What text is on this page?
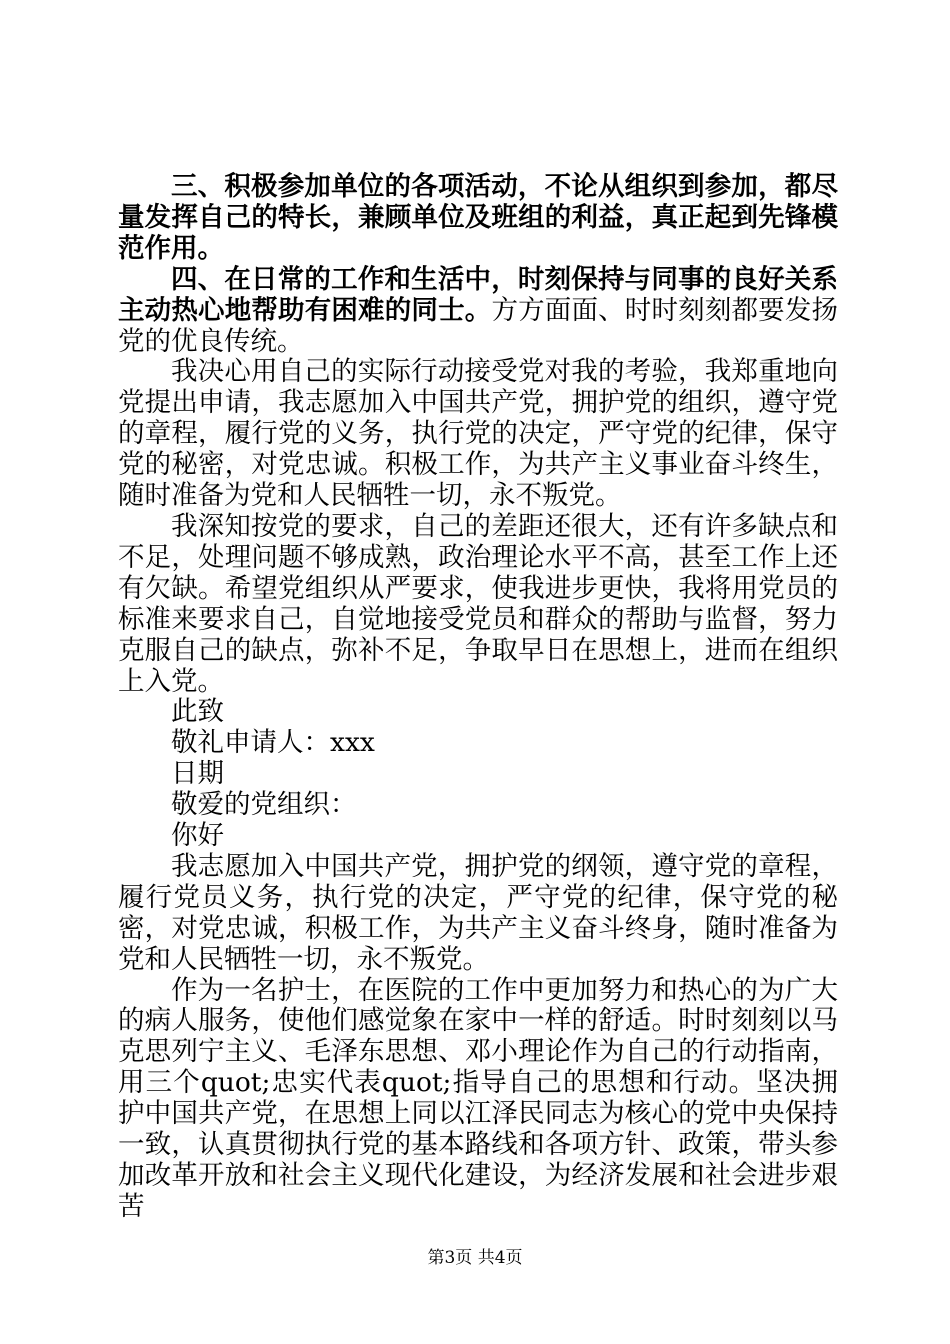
三、积极参加单位的各项活动，不论从组织到参加，都尽量发挥自己的特长，兼顾单位及班组的利益，真正起到先锋模范作用。

四、在日常的工作和生活中，时刻保持与同事的良好关系主动热心地帮助有困难的同士。方方面面、时时刻刻都要发扬党的优良传统。

我决心用自己的实际行动接受党对我的考验，我郑重地向党提出申请，我志愿加入中国共产党，拥护党的组织，遵守党的章程，履行党的义务，执行党的决定，严守党的纪律，保守党的秘密，对党忠诚。积极工作，为共产主义事业奋斗终生，随时准备为党和人民牺牲一切，永不叛党。

我深知按党的要求，自己的差距还很大，还有许多缺点和不足，处理问题不够成熟，政治理论水平不高，甚至工作上还有欠缺。希望党组织从严要求，使我进步更快，我将用党员的标准来要求自己，自觉地接受党员和群众的帮助与监督，努力克服自己的缺点，弥补不足，争取早日在思想上，进而在组织上入党。

此致

敬礼申请人：xxx

日期

敬爱的党组织：

你好

我志愿加入中国共产党，拥护党的纲领，遵守党的章程，履行党员义务，执行党的决定，严守党的纪律，保守党的秘密，对党忠诚，积极工作，为共产主义奋斗终身，随时准备为党和人民牺牲一切，永不叛党。

作为一名护士，在医院的工作中更加努力和热心的为广大的病人服务，使他们感觉象在家中一样的舒适。时时刻刻以马克思列宁主义、毛泽东思想、邓小理论作为自己的行动指南，用三个quot;忠实代表quot;指导自己的思想和行动。坚决拥护中国共产党，在思想上同以江泽民同志为核心的党中央保持一致，认真贯彻执行党的基本路线和各项方针、政策，带头参加改革开放和社会主义现代化建设，为经济发展和社会进步艰苦

第3页 共4页
